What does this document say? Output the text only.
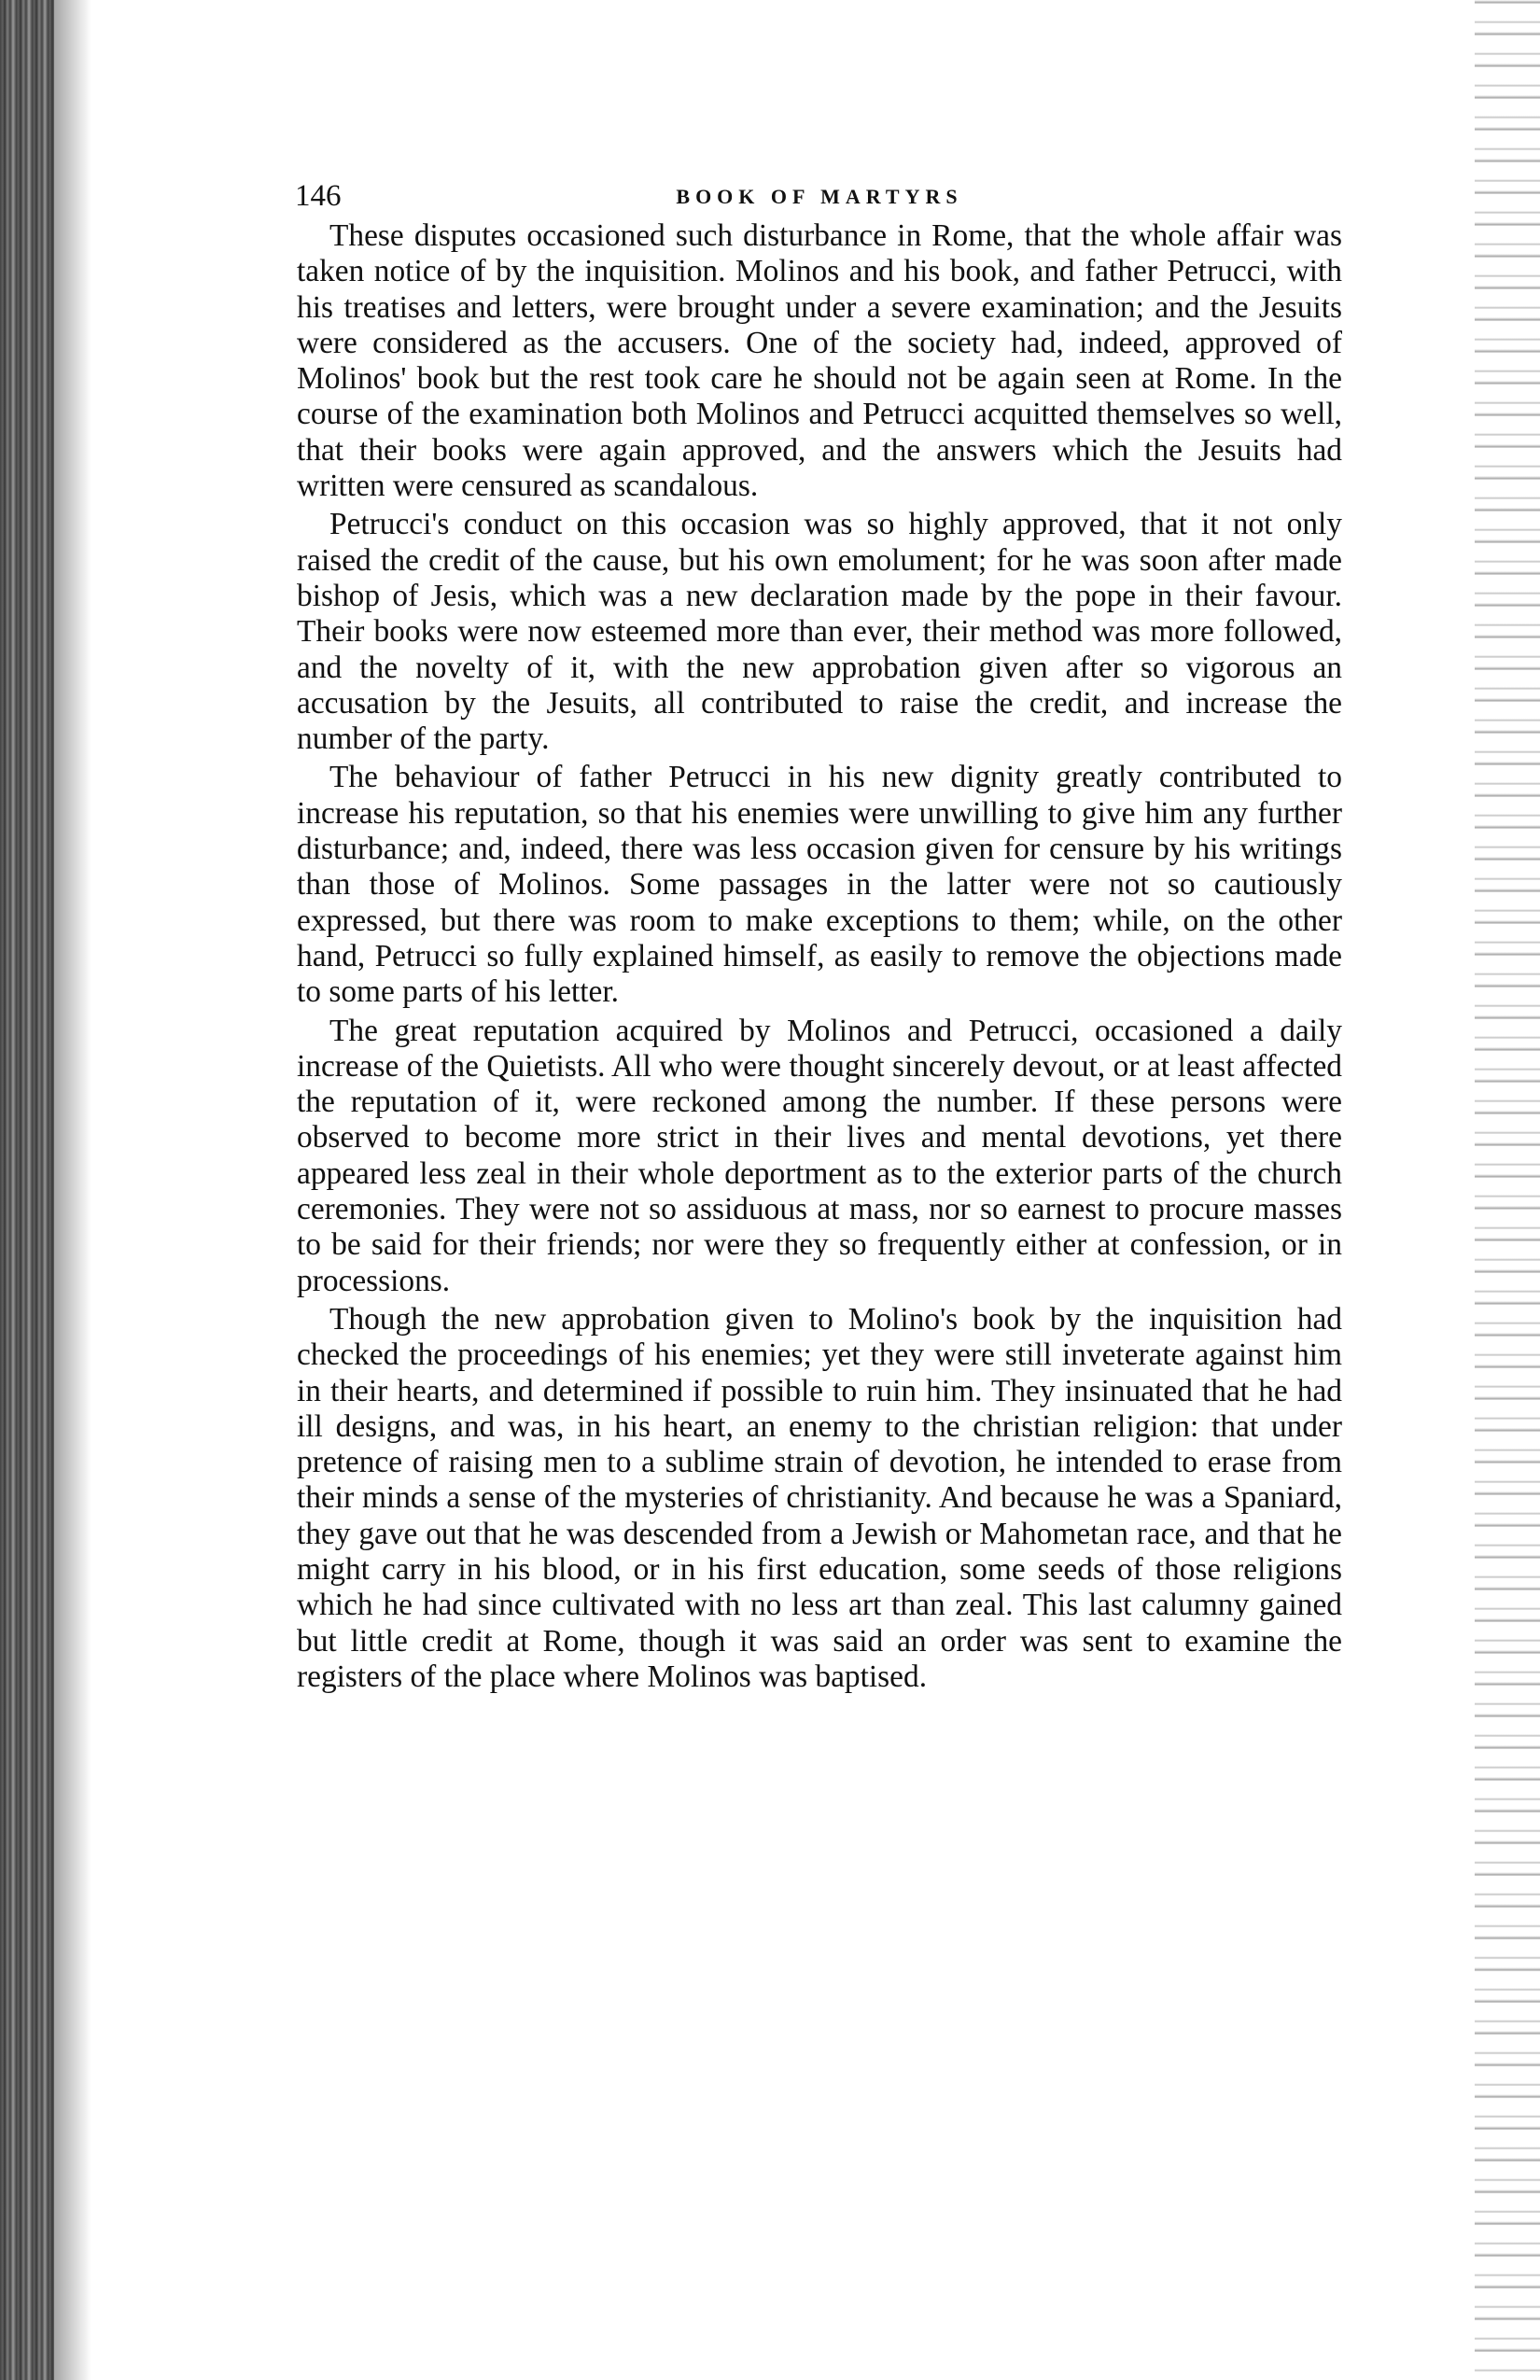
146	BOOK OF MARTYRS

These disputes occasioned such disturbance in Rome, that the whole affair was taken notice of by the inquisition. Molinos and his book, and father Petrucci, with his treatises and letters, were brought under a severe examination; and the Jesuits were considered as the accusers. One of the society had, indeed, approved of Molinos' book but the rest took care he should not be again seen at Rome. In the course of the examination both Molinos and Petrucci acquitted themselves so well, that their books were again approved, and the answers which the Jesuits had written were censured as scandalous.

Petrucci's conduct on this occasion was so highly approved, that it not only raised the credit of the cause, but his own emolument; for he was soon after made bishop of Jesis, which was a new declaration made by the pope in their favour. Their books were now esteemed more than ever, their method was more followed, and the novelty of it, with the new approbation given after so vigorous an accusation by the Jesuits, all contributed to raise the credit, and increase the number of the party.

The behaviour of father Petrucci in his new dignity greatly contributed to increase his reputation, so that his enemies were unwilling to give him any further disturbance; and, indeed, there was less occasion given for censure by his writings than those of Molinos. Some passages in the latter were not so cautiously expressed, but there was room to make exceptions to them; while, on the other hand, Petrucci so fully explained himself, as easily to remove the objections made to some parts of his letter.

The great reputation acquired by Molinos and Petrucci, occasioned a daily increase of the Quietists. All who were thought sincerely devout, or at least affected the reputation of it, were reckoned among the number. If these persons were observed to become more strict in their lives and mental devotions, yet there appeared less zeal in their whole deportment as to the exterior parts of the church ceremonies. They were not so assiduous at mass, nor so earnest to procure masses to be said for their friends; nor were they so frequently either at confession, or in processions.

Though the new approbation given to Molino's book by the inquisition had checked the proceedings of his enemies; yet they were still inveterate against him in their hearts, and determined if possible to ruin him. They insinuated that he had ill designs, and was, in his heart, an enemy to the christian religion: that under pretence of raising men to a sublime strain of devotion, he intended to erase from their minds a sense of the mysteries of christianity. And because he was a Spaniard, they gave out that he was descended from a Jewish or Mahometan race, and that he might carry in his blood, or in his first education, some seeds of those religions which he had since cultivated with no less art than zeal. This last calumny gained but little credit at Rome, though it was said an order was sent to examine the registers of the place where Molinos was baptised.
